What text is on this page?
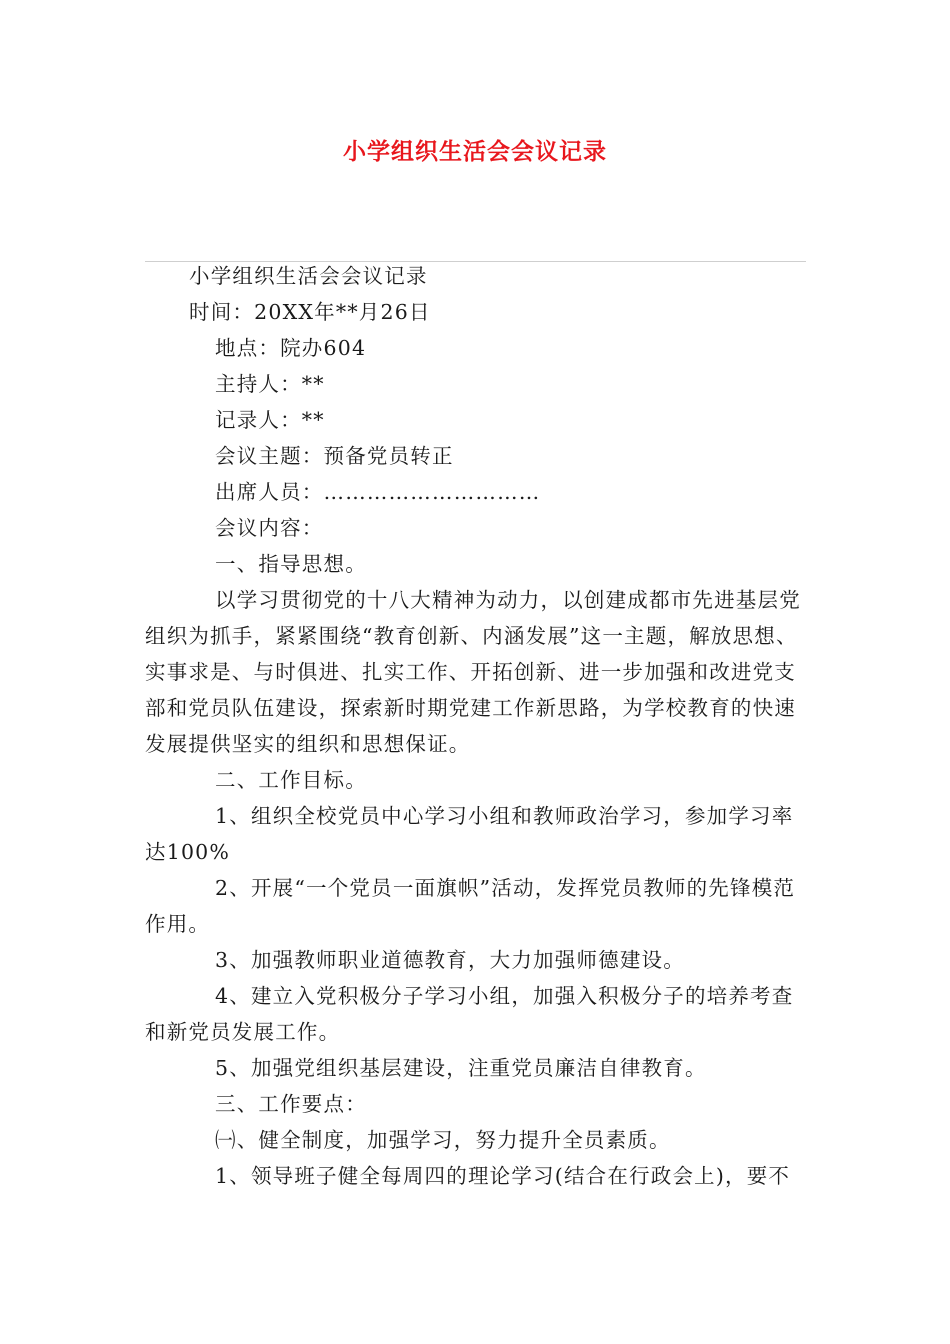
小学组织生活会会议记录

小学组织生活会会议记录

时间：20XX年**月26日

地点：院办604

主持人：**

记录人：**

会议主题：预备党员转正

出席人员：…………………………

会议内容：

一、指导思想。

以学习贯彻党的十八大精神为动力，以创建成都市先进基层党组织为抓手，紧紧围绕“教育创新、内涵发展”这一主题，解放思想、实事求是、与时俱进、扎实工作、开拓创新、进一步加强和改进党支部和党员队伍建设，探索新时期党建工作新思路，为学校教育的快速发展提供坚实的组织和思想保证。

二、工作目标。

1、组织全校党员中心学习小组和教师政治学习，参加学习率达100%

2、开展“一个党员一面旗帜”活动，发挥党员教师的先锋模范作用。

3、加强教师职业道德教育，大力加强师德建设。

4、建立入党积极分子学习小组，加强入积极分子的培养考查和新党员发展工作。

5、加强党组织基层建设，注重党员廉洁自律教育。

三、工作要点：

㈠、健全制度，加强学习，努力提升全员素质。

1、领导班子健全每周四的理论学习(结合在行政会上)，要不
